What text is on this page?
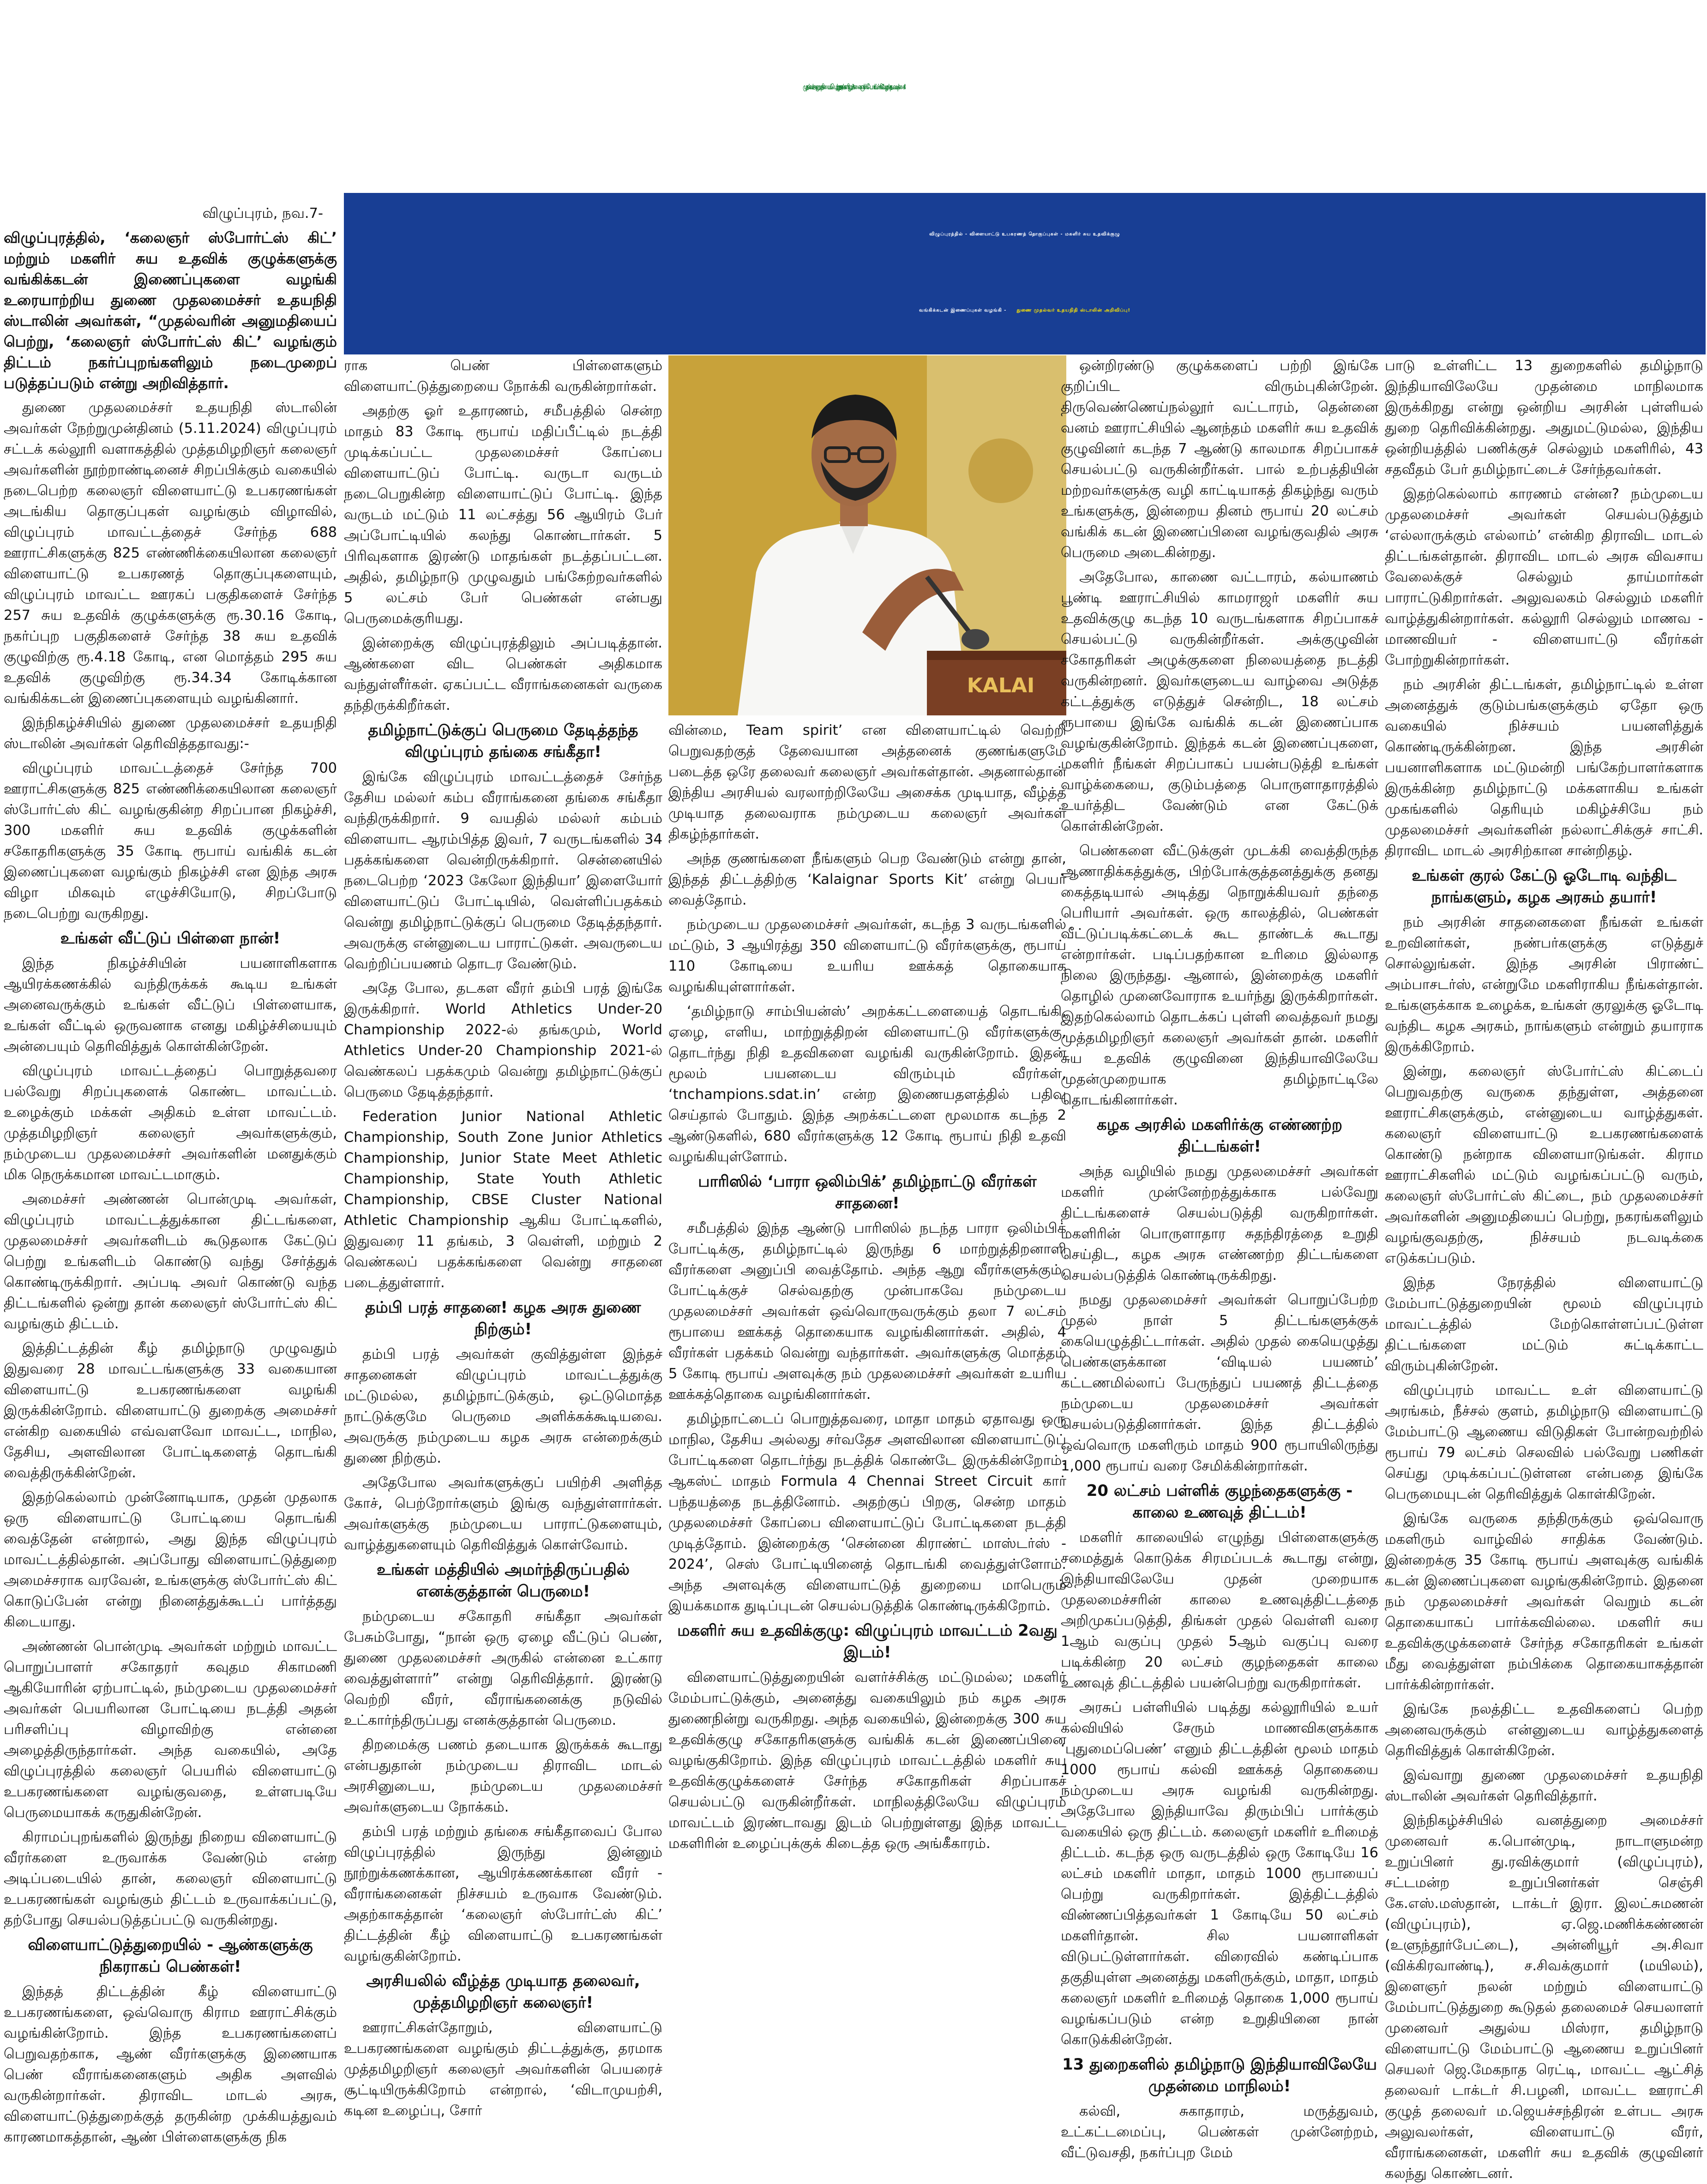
முதல்வர் அனுமதியைப் பெற்று - நகரங்களிலும் ‘கலைஞர் ஸ்போர்ட்ஸ் கிட்’ வழங்க நடவடிக்கை!
விழுப்புரத்தில் - விளையாட்டு உபகரணத் தொகுப்புகள் - மகளிர் சுய உதவிக்குழு
வங்கிக்கடன் இணைப்புகள் வழங்கி - துணை முதல்வர் உதயநிதி ஸ்டாலின் அறிவிப்பு!
KALAI

விழுப்புரம், நவ.7-

விழுப்புரத்தில், ‘கலைஞர் ஸ்போர்ட்ஸ் கிட்’ மற்றும் மகளிர் சுய உதவிக் குழுக்களுக்கு வங்கிக்கடன் இணைப்புகளை வழங்கி உரையாற்றிய துணை முதலமைச்சர் உதயநிதி ஸ்டாலின் அவர்கள், “முதல்வரின் அனுமதியைப் பெற்று, ‘கலைஞர் ஸ்போர்ட்ஸ் கிட்’ வழங்கும் திட்டம் நகர்ப்புறங்களிலும் நடைமுறைப் படுத்தப்படும் என்று அறிவித்தார்.

துணை முதலமைச்சர் உதயநிதி ஸ்டாலின் அவர்கள் நேற்றுமுன்தினம் (5.11.2024) விழுப்புரம் சட்டக் கல்லூரி வளாகத்தில் முத்தமிழறிஞர் கலைஞர் அவர்களின் நூற்றாண்டினைச் சிறப்பிக்கும் வகையில் நடைபெற்ற கலைஞர் விளையாட்டு உபகரணங்கள் அடங்கிய தொகுப்புகள் வழங்கும் விழாவில், விழுப்புரம் மாவட்டத்தைச் சேர்ந்த 688 ஊராட்சிகளுக்கு 825 எண்ணிக்கையிலான கலைஞர் விளையாட்டு உபகரணத் தொகுப்புகளையும், விழுப்புரம் மாவட்ட ஊரகப் பகுதிகளைச் சேர்ந்த 257 சுய உதவிக் குழுக்களுக்கு ரூ.30.16 கோடி, நகர்ப்புற பகுதிகளைச் சேர்ந்த 38 சுய உதவிக் குழுவிற்கு ரூ.4.18 கோடி, என மொத்தம் 295 சுய உதவிக் குழுவிற்கு ரூ.34.34 கோடிக்கான வங்கிக்கடன் இணைப்புகளையும் வழங்கினார்.

இந்நிகழ்ச்சியில் துணை முதலமைச்சர் உதயநிதி ஸ்டாலின் அவர்கள் தெரிவித்ததாவது:-

விழுப்புரம் மாவட்டத்தைச் சேர்ந்த 700 ஊராட்சிகளுக்கு 825 எண்ணிக்கையிலான கலைஞர் ஸ்போர்ட்ஸ் கிட் வழங்குகின்ற சிறப்பான நிகழ்ச்சி, 300 மகளிர் சுய உதவிக் குழுக்களின் சகோதரிகளுக்கு 35 கோடி ரூபாய் வங்கிக் கடன் இணைப்புகளை வழங்கும் நிகழ்ச்சி என இந்த அரசு விழா மிகவும் எழுச்சியோடு, சிறப்போடு நடைபெற்று வருகிறது.

உங்கள் வீட்டுப் பிள்ளை நான்!

இந்த நிகழ்ச்சியின் பயனாளிகளாக ஆயிரக்கணக்கில் வந்திருக்கக் கூடிய உங்கள் அனைவருக்கும் உங்கள் வீட்டுப் பிள்ளையாக, உங்கள் வீட்டில் ஒருவனாக எனது மகிழ்ச்சியையும் அன்பையும் தெரிவித்துக் கொள்கின்றேன்.

விழுப்புரம் மாவட்டத்தைப் பொறுத்தவரை பல்வேறு சிறப்புகளைக் கொண்ட மாவட்டம். உழைக்கும் மக்கள் அதிகம் உள்ள மாவட்டம். முத்தமிழறிஞர் கலைஞர் அவர்களுக்கும், நம்முடைய முதலமைச்சர் அவர்களின் மனதுக்கும் மிக நெருக்கமான மாவட்டமாகும்.

அமைச்சர் அண்ணன் பொன்முடி அவர்கள், விழுப்புரம் மாவட்டத்துக்கான திட்டங்களை, முதலமைச்சர் அவர்களிடம் கூடுதலாக கேட்டுப் பெற்று உங்களிடம் கொண்டு வந்து சேர்த்துக் கொண்டிருக்கிறார். அப்படி அவர் கொண்டு வந்த திட்டங்களில் ஒன்று தான் கலைஞர் ஸ்போர்ட்ஸ் கிட் வழங்கும் திட்டம்.

இத்திட்டத்தின் கீழ் தமிழ்நாடு முழுவதும் இதுவரை 28 மாவட்டங்களுக்கு 33 வகையான விளையாட்டு உபகரணங்களை வழங்கி இருக்கின்றோம். விளையாட்டு துறைக்கு அமைச்சர் என்கிற வகையில் எவ்வளவோ மாவட்ட, மாநில, தேசிய, அளவிலான போட்டிகளைத் தொடங்கி வைத்திருக்கின்றேன்.

இதற்கெல்லாம் முன்னோடியாக, முதன் முதலாக ஒரு விளையாட்டு போட்டியை தொடங்கி வைத்தேன் என்றால், அது இந்த விழுப்புரம் மாவட்டத்தில்தான். அப்போது விளையாட்டுத்துறை அமைச்சராக வரவேன், உங்களுக்கு ஸ்போர்ட்ஸ் கிட் கொடுப்பேன் என்று நினைத்துக்கூடப் பார்த்தது கிடையாது.

அண்ணன் பொன்முடி அவர்கள் மற்றும் மாவட்ட பொறுப்பாளர் சகோதரர் கவுதம சிகாமணி ஆகியோரின் ஏற்பாட்டில், நம்முடைய முதலமைச்சர் அவர்கள் பெயரிலான போட்டியை நடத்தி அதன் பரிசளிப்பு விழாவிற்கு என்னை அழைத்திருந்தார்கள். அந்த வகையில், அதே விழுப்புரத்தில் கலைஞர் பெயரில் விளையாட்டு உபகரணங்களை வழங்குவதை, உள்ளபடியே பெருமையாகக் கருதுகின்றேன்.

கிராமப்புறங்களில் இருந்து நிறைய விளையாட்டு வீரர்களை உருவாக்க வேண்டும் என்ற அடிப்படையில் தான், கலைஞர் விளையாட்டு உபகரணங்கள் வழங்கும் திட்டம் உருவாக்கப்பட்டு, தற்போது செயல்படுத்தப்பட்டு வருகின்றது.

விளையாட்டுத்துறையில் - ஆண்களுக்கு நிகராகப் பெண்கள்!

இந்தத் திட்டத்தின் கீழ் விளையாட்டு உபகரணங்களை, ஒவ்வொரு கிராம ஊராட்சிக்கும் வழங்கின்றோம். இந்த உபகரணங்களைப் பெறுவதற்காக, ஆண் வீரர்களுக்கு இணையாக பெண் வீராங்கனைகளும் அதிக அளவில் வருகின்றார்கள். திராவிட மாடல் அரசு, விளையாட்டுத்துறைக்குத் தருகின்ற முக்கியத்துவம் காரணமாகத்தான், ஆண் பிள்ளைகளுக்கு நிக

ராக பெண் பிள்ளைகளும் விளையாட்டுத்துறையை நோக்கி வருகின்றார்கள்.

அதற்கு ஓர் உதாரணம், சமீபத்தில் சென்ற மாதம் 83 கோடி ரூபாய் மதிப்பீட்டில் நடத்தி முடிக்கப்பட்ட முதலமைச்சர் கோப்பை விளையாட்டுப் போட்டி. வருடா வருடம் நடைபெறுகின்ற விளையாட்டுப் போட்டி. இந்த வருடம் மட்டும் 11 லட்சத்து 56 ஆயிரம் பேர் அப்போட்டியில் கலந்து கொண்டார்கள். 5 பிரிவுகளாக இரண்டு மாதங்கள் நடத்தப்பட்டன. அதில், தமிழ்நாடு முழுவதும் பங்கேற்றவர்களில் 5 லட்சம் பேர் பெண்கள் என்பது பெருமைக்குரியது.

இன்றைக்கு விழுப்புரத்திலும் அப்படித்தான். ஆண்களை விட பெண்கள் அதிகமாக வந்துள்ளீர்கள். ஏகப்பட்ட வீராங்கனைகள் வருகை தந்திருக்கிறீர்கள்.

தமிழ்நாட்டுக்குப் பெருமை தேடித்தந்த விழுப்புரம் தங்கை சங்கீதா!

இங்கே விழுப்புரம் மாவட்டத்தைச் சேர்ந்த தேசிய மல்லர் கம்ப வீராங்கனை தங்கை சங்கீதா வந்திருக்கிறார். 9 வயதில் மல்லர் கம்பம் விளையாட ஆரம்பித்த இவர், 7 வருடங்களில் 34 பதக்கங்களை வென்றிருக்கிறார். சென்னையில் நடைபெற்ற ‘2023 கேலோ இந்தியா’ இளையோர் விளையாட்டுப் போட்டியில், வெள்ளிப்பதக்கம் வென்று தமிழ்நாட்டுக்குப் பெருமை தேடித்தந்தார். அவருக்கு என்னுடைய பாராட்டுகள். அவருடைய வெற்றிப்பயணம் தொடர வேண்டும்.

அதே போல, தடகள வீரர் தம்பி பரத் இங்கே இருக்கிறார். World Athletics Under-20 Championship 2022-ல் தங்கமும், World Athletics Under-20 Championship 2021-ல் வெண்கலப் பதக்கமும் வென்று தமிழ்நாட்டுக்குப் பெருமை தேடித்தந்தார்.

Federation Junior National Athletic Championship, South Zone Junior Athletics Championship, Junior State Meet Athletic Championship, State Youth Athletic Championship, CBSE Cluster National Athletic Championship ஆகிய போட்டிகளில், இதுவரை 11 தங்கம், 3 வெள்ளி, மற்றும் 2 வெண்கலப் பதக்கங்களை வென்று சாதனை படைத்துள்ளார்.

தம்பி பரத் சாதனை! கழக அரசு துணை நிற்கும்!

தம்பி பரத் அவர்கள் குவித்துள்ள இந்தச் சாதனைகள் விழுப்புரம் மாவட்டத்துக்கு மட்டுமல்ல, தமிழ்நாட்டுக்கும், ஒட்டுமொத்த நாட்டுக்குமே பெருமை அளிக்கக்கூடியவை. அவருக்கு நம்முடைய கழக அரசு என்றைக்கும் துணை நிற்கும்.

அதேபோல அவர்களுக்குப் பயிற்சி அளித்த கோச், பெற்றோர்களும் இங்கு வந்துள்ளார்கள். அவர்களுக்கு நம்முடைய பாராட்டுகளையும், வாழ்த்துகளையும் தெரிவித்துக் கொள்வோம்.

உங்கள் மத்தியில் அமர்ந்திருப்பதில் எனக்குத்தான் பெருமை!

நம்முடைய சகோதரி சங்கீதா அவர்கள் பேசும்போது, “நான் ஒரு ஏழை வீட்டுப் பெண், துணை முதலமைச்சர் அருகில் என்னை உட்கார வைத்துள்ளார்” என்று தெரிவித்தார். இரண்டு வெற்றி வீரர், வீராங்கனைக்கு நடுவில் உட்கார்ந்திருப்பது எனக்குத்தான் பெருமை.

திறமைக்கு பணம் தடையாக இருக்கக் கூடாது என்பதுதான் நம்முடைய திராவிட மாடல் அரசினுடைய, நம்முடைய முதலமைச்சர் அவர்களுடைய நோக்கம்.

தம்பி பரத் மற்றும் தங்கை சங்கீதாவைப் போல விழுப்புரத்தில் இருந்து இன்னும் நூற்றுக்கணக்கான, ஆயிரக்கணக்கான வீரர் - வீராங்கனைகள் நிச்சயம் உருவாக வேண்டும். அதற்காகத்தான் ‘கலைஞர் ஸ்போர்ட்ஸ் கிட்’ திட்டத்தின் கீழ் விளையாட்டு உபகரணங்கள் வழங்குகின்றோம்.

அரசியலில் வீழ்த்த முடியாத தலைவர், முத்தமிழறிஞர் கலைஞர்!

ஊராட்சிகள்தோறும், விளையாட்டு உபகரணங்களை வழங்கும் திட்டத்துக்கு, தரமாக முத்தமிழறிஞர் கலைஞர் அவர்களின் பெயரைச் சூட்டியிருக்கிறோம் என்றால், ‘விடாமுயற்சி, கடின உழைப்பு, சோர்

வின்மை, Team spirit’ என விளையாட்டில் வெற்றி பெறுவதற்குத் தேவையான அத்தனைக் குணங்களுமே படைத்த ஒரே தலைவர் கலைஞர் அவர்கள்தான். அதனால்தான் இந்திய அரசியல் வரலாற்றிலேயே அசைக்க முடியாத, வீழ்த்த முடியாத தலைவராக நம்முடைய கலைஞர் அவர்கள் திகழ்ந்தார்கள்.

அந்த குணங்களை நீங்களும் பெற வேண்டும் என்று தான், இந்தத் திட்டத்திற்கு ‘Kalaignar Sports Kit’ என்று பெயர் வைத்தோம்.

நம்முடைய முதலமைச்சர் அவர்கள், கடந்த 3 வருடங்களில் மட்டும், 3 ஆயிரத்து 350 விளையாட்டு வீரர்களுக்கு, ரூபாய் 110 கோடியை உயரிய ஊக்கத் தொகையாக வழங்கியுள்ளார்கள்.

‘தமிழ்நாடு சாம்பியன்ஸ்’ அறக்கட்டளையைத் தொடங்கி, ஏழை, எளிய, மாற்றுத்திறன் விளையாட்டு வீரர்களுக்கு, தொடர்ந்து நிதி உதவிகளை வழங்கி வருகின்றோம். இதன் மூலம் பயனடைய விரும்பும் வீரர்கள், ‘tnchampions.sdat.in’ என்ற இணையதளத்தில் பதிவு செய்தால் போதும். இந்த அறக்கட்டளை மூலமாக கடந்த 2 ஆண்டுகளில், 680 வீரர்களுக்கு 12 கோடி ரூபாய் நிதி உதவி வழங்கியுள்ளோம்.

பாரிஸில் ‘பாரா ஒலிம்பிக்’ தமிழ்நாட்டு வீரர்கள் சாதனை!

சமீபத்தில் இந்த ஆண்டு பாரிஸில் நடந்த பாரா ஒலிம்பிக் போட்டிக்கு, தமிழ்நாட்டில் இருந்து 6 மாற்றுத்திறனாளி வீரர்களை அனுப்பி வைத்தோம். அந்த ஆறு வீரர்களுக்கும், போட்டிக்குச் செல்வதற்கு முன்பாகவே நம்முடைய முதலமைச்சர் அவர்கள் ஒவ்வொருவருக்கும் தலா 7 லட்சம் ரூபாயை ஊக்கத் தொகையாக வழங்கினார்கள். அதில், 4 வீரர்கள் பதக்கம் வென்று வந்தார்கள். அவர்களுக்கு மொத்தம் 5 கோடி ரூபாய் அளவுக்கு நம் முதலமைச்சர் அவர்கள் உயரிய ஊக்கத்தொகை வழங்கினார்கள்.

தமிழ்நாட்டைப் பொறுத்தவரை, மாதா மாதம் ஏதாவது ஒரு மாநில, தேசிய அல்லது சர்வதேச அளவிலான விளையாட்டுப் போட்டிகளை தொடர்ந்து நடத்திக் கொண்டே இருக்கின்றோம். ஆகஸ்ட் மாதம் Formula 4 Chennai Street Circuit கார் பந்தயத்தை நடத்தினோம். அதற்குப் பிறகு, சென்ற மாதம் முதலமைச்சர் கோப்பை விளையாட்டுப் போட்டிகளை நடத்தி முடித்தோம். இன்றைக்கு ‘சென்னை கிராண்ட் மாஸ்டர்ஸ் - 2024’, செஸ் போட்டியினைத் தொடங்கி வைத்துள்ளோம். அந்த அளவுக்கு விளையாட்டுத் துறையை மாபெரும் இயக்கமாக துடிப்புடன் செயல்படுத்திக் கொண்டிருக்கிறோம்.

மகளிர் சுய உதவிக்குழு: விழுப்புரம் மாவட்டம் 2வது இடம்!

விளையாட்டுத்துறையின் வளர்ச்சிக்கு மட்டுமல்ல; மகளிர் மேம்பாட்டுக்கும், அனைத்து வகையிலும் நம் கழக அரசு துணைநின்று வருகிறது. அந்த வகையில், இன்றைக்கு 300 சுய உதவிக்குழு சகோதரிகளுக்கு வங்கிக் கடன் இணைப்பினை வழங்குகிறோம். இந்த விழுப்புரம் மாவட்டத்தில் மகளிர் சுய உதவிக்குழுக்களைச் சேர்ந்த சகோதரிகள் சிறப்பாகச் செயல்பட்டு வருகின்றீர்கள். மாநிலத்திலேயே விழுப்புரம் மாவட்டம் இரண்டாவது இடம் பெற்றுள்ளது இந்த மாவட்ட மகளிரின் உழைப்புக்குக் கிடைத்த ஒரு அங்கீகாரம்.

ஒன்றிரண்டு குழுக்களைப் பற்றி இங்கே குறிப்பிட விரும்புகின்றேன். திருவெண்ணெய்நல்லூர் வட்டாரம், தென்னை வனம் ஊராட்சியில் ஆனந்தம் மகளிர் சுய உதவிக் குழுவினர் கடந்த 7 ஆண்டு காலமாக சிறப்பாகச் செயல்பட்டு வருகின்றீர்கள். பால் உற்பத்தியின் மற்றவர்களுக்கு வழி காட்டியாகத் திகழ்ந்து வரும் உங்களுக்கு, இன்றைய தினம் ரூபாய் 20 லட்சம் வங்கிக் கடன் இணைப்பினை வழங்குவதில் அரசு பெருமை அடைகின்றது.

அதேபோல, காணை வட்டாரம், கல்யாணம் பூண்டி ஊராட்சியில் காமராஜர் மகளிர் சுய உதவிக்குழு கடந்த 10 வருடங்களாக சிறப்பாகச் செயல்பட்டு வருகின்றீர்கள். அக்குழுவின் சகோதரிகள் அழுக்குகளை நிலையத்தை நடத்தி வருகின்றனர். இவர்களுடைய வாழ்வை அடுத்த கட்டத்துக்கு எடுத்துச் சென்றிட, 18 லட்சம் ரூபாயை இங்கே வங்கிக் கடன் இணைப்பாக வழங்குகின்றோம். இந்தக் கடன் இணைப்புகளை, மகளிர் நீங்கள் சிறப்பாகப் பயன்படுத்தி உங்கள் வாழ்க்கையை, குடும்பத்தை பொருளாதாரத்தில் உயர்த்திட வேண்டும் என கேட்டுக் கொள்கின்றேன்.

பெண்களை வீட்டுக்குள் முடக்கி வைத்திருந்த ஆணாதிக்கத்துக்கு, பிற்போக்குத்தனத்துக்கு தனது கைத்தடியால் அடித்து நொறுக்கியவர் தந்தை பெரியார் அவர்கள். ஒரு காலத்தில், பெண்கள் வீட்டுப்படிக்கட்டைக் கூட தாண்டக் கூடாது என்றார்கள். படிப்பதற்கான உரிமை இல்லாத நிலை இருந்தது. ஆனால், இன்றைக்கு மகளிர் தொழில் முனைவோராக உயர்ந்து இருக்கிறார்கள். இதற்கெல்லாம் தொடக்கப் புள்ளி வைத்தவர் நமது முத்தமிழறிஞர் கலைஞர் அவர்கள் தான். மகளிர் சுய உதவிக் குழுவினை இந்தியாவிலேயே முதன்முறையாக தமிழ்நாட்டிலே தொடங்கினார்கள்.

கழக அரசில் மகளிர்க்கு எண்ணற்ற திட்டங்கள்!

அந்த வழியில் நமது முதலமைச்சர் அவர்கள் மகளிர் முன்னேற்றத்துக்காக பல்வேறு திட்டங்களைச் செயல்படுத்தி வருகிறார்கள். மகளிரின் பொருளாதார சுதந்திரத்தை உறுதி செய்திட, கழக அரசு எண்ணற்ற திட்டங்களை செயல்படுத்திக் கொண்டிருக்கிறது.

நமது முதலமைச்சர் அவர்கள் பொறுப்பேற்ற முதல் நாள் 5 திட்டங்களுக்குக் கையெழுத்திட்டார்கள். அதில் முதல் கையெழுத்து பெண்களுக்கான ‘விடியல் பயணம்’ கட்டணமில்லாப் பேருந்துப் பயணத் திட்டத்தை நம்முடைய முதலமைச்சர் அவர்கள் செயல்படுத்தினார்கள். இந்த திட்டத்தில் ஒவ்வொரு மகளிரும் மாதம் 900 ரூபாயிலிருந்து 1,000 ரூபாய் வரை சேமிக்கின்றார்கள்.

20 லட்சம் பள்ளிக் குழந்தைகளுக்கு - காலை உணவுத் திட்டம்!

மகளிர் காலையில் எழுந்து பிள்ளைகளுக்கு சமைத்துக் கொடுக்க சிரமப்படக் கூடாது என்று, இந்தியாவிலேயே முதன் முறையாக முதலமைச்சரின் காலை உணவுத்திட்டத்தை அறிமுகப்படுத்தி, திங்கள் முதல் வெள்ளி வரை 1ஆம் வகுப்பு முதல் 5ஆம் வகுப்பு வரை படிக்கின்ற 20 லட்சம் குழந்தைகள் காலை உணவுத் திட்டத்தில் பயன்பெற்று வருகிறார்கள்.

அரசுப் பள்ளியில் படித்து கல்லூரியில் உயர் கல்வியில் சேரும் மாணவிகளுக்காக ‘புதுமைப்பெண்’ எனும் திட்டத்தின் மூலம் மாதம் 1000 ரூபாய் கல்வி ஊக்கத் தொகையை நம்முடைய அரசு வழங்கி வருகின்றது. அதேபோல இந்தியாவே திரும்பிப் பார்க்கும் வகையில் ஒரு திட்டம். கலைஞர் மகளிர் உரிமைத் திட்டம். கடந்த ஒரு வருடத்தில் ஒரு கோடியே 16 லட்சம் மகளிர் மாதா, மாதம் 1000 ரூபாயைப் பெற்று வருகிறார்கள். இத்திட்டத்தில் விண்ணப்பித்தவர்கள் 1 கோடியே 50 லட்சம் மகளிர்தான். சில பயனாளிகள் விடுபட்டுள்ளார்கள். விரைவில் கண்டிப்பாக தகுதியுள்ள அனைத்து மகளிருக்கும், மாதா, மாதம் கலைஞர் மகளிர் உரிமைத் தொகை 1,000 ரூபாய் வழங்கப்படும் என்ற உறுதியினை நான் கொடுக்கின்றேன்.

13 துறைகளில் தமிழ்நாடு இந்தியாவிலேயே முதன்மை மாநிலம்!

கல்வி, சுகாதாரம், மருத்துவம், உட்கட்டமைப்பு, பெண்கள் முன்னேற்றம், வீட்டுவசதி, நகர்ப்புற மேம்

பாடு உள்ளிட்ட 13 துறைகளில் தமிழ்நாடு இந்தியாவிலேயே முதன்மை மாநிலமாக இருக்கிறது என்று ஒன்றிய அரசின் புள்ளியல் துறை தெரிவிக்கின்றது. அதுமட்டுமல்ல, இந்திய ஒன்றியத்தில் பணிக்குச் செல்லும் மகளிரில், 43 சதவீதம் பேர் தமிழ்நாட்டைச் சேர்ந்தவர்கள்.

இதற்கெல்லாம் காரணம் என்ன? நம்முடைய முதலமைச்சர் அவர்கள் செயல்படுத்தும் ‘எல்லாருக்கும் எல்லாம்’ என்கிற திராவிட மாடல் திட்டங்கள்தான். திராவிட மாடல் அரசு விவசாய வேலைக்குச் செல்லும் தாய்மார்கள் பாராட்டுகிறார்கள். அலுவலகம் செல்லும் மகளிர் வாழ்த்துகின்றார்கள். கல்லூரி செல்லும் மாணவ - மாணவியர் - விளையாட்டு வீரர்கள் போற்றுகின்றார்கள்.

நம் அரசின் திட்டங்கள், தமிழ்நாட்டில் உள்ள அனைத்துக் குடும்பங்களுக்கும் ஏதோ ஒரு வகையில் நிச்சயம் பயனளித்துக் கொண்டிருக்கின்றன. இந்த அரசின் பயனாளிகளாக மட்டுமன்றி பங்கேற்பாளர்களாக இருக்கின்ற தமிழ்நாட்டு மக்களாகிய உங்கள் முகங்களில் தெரியும் மகிழ்ச்சியே நம் முதலமைச்சர் அவர்களின் நல்லாட்சிக்குச் சாட்சி. திராவிட மாடல் அரசிற்கான சான்றிதழ்.

உங்கள் குரல் கேட்டு ஓடோடி வந்திட நாங்களும், கழக அரசும் தயார்!

நம் அரசின் சாதனைகளை நீங்கள் உங்கள் உறவினர்கள், நண்பர்களுக்கு எடுத்துச் சொல்லுங்கள். இந்த அரசின் பிராண்ட் அம்பாசடர்ஸ், என்றுமே மகளிராகிய நீங்கள்தான். உங்களுக்காக உழைக்க, உங்கள் குரலுக்கு ஓடோடி வந்திட கழக அரசும், நாங்களும் என்றும் தயாராக இருக்கிறோம்.

இன்று, கலைஞர் ஸ்போர்ட்ஸ் கிட்டைப் பெறுவதற்கு வருகை தந்துள்ள, அத்தனை ஊராட்சிகளுக்கும், என்னுடைய வாழ்த்துகள். கலைஞர் விளையாட்டு உபகரணங்களைக் கொண்டு நன்றாக விளையாடுங்கள். கிராம ஊராட்சிகளில் மட்டும் வழங்கப்பட்டு வரும், கலைஞர் ஸ்போர்ட்ஸ் கிட்டை, நம் முதலமைச்சர் அவர்களின் அனுமதியைப் பெற்று, நகரங்களிலும் வழங்குவதற்கு, நிச்சயம் நடவடிக்கை எடுக்கப்படும்.

இந்த நேரத்தில் விளையாட்டு மேம்பாட்டுத்துறையின் மூலம் விழுப்புரம் மாவட்டத்தில் மேற்கொள்ளப்பட்டுள்ள திட்டங்களை மட்டும் சுட்டிக்காட்ட விரும்புகின்றேன்.

விழுப்புரம் மாவட்ட உள் விளையாட்டு அரங்கம், நீச்சல் குளம், தமிழ்நாடு விளையாட்டு மேம்பாட்டு ஆணைய விடுதிகள் போன்றவற்றில் ரூபாய் 79 லட்சம் செலவில் பல்வேறு பணிகள் செய்து முடிக்கப்பட்டுள்ளன என்பதை இங்கே பெருமையுடன் தெரிவித்துக் கொள்கிறேன்.

இங்கே வருகை தந்திருக்கும் ஒவ்வொரு மகளிரும் வாழ்வில் சாதிக்க வேண்டும். இன்றைக்கு 35 கோடி ரூபாய் அளவுக்கு வங்கிக் கடன் இணைப்புகளை வழங்குகின்றோம். இதனை நம் முதலமைச்சர் அவர்கள் வெறும் கடன் தொகையாகப் பார்க்கவில்லை. மகளிர் சுய உதவிக்குழுக்களைச் சேர்ந்த சகோதரிகள் உங்கள் மீது வைத்துள்ள நம்பிக்கை தொகையாகத்தான் பார்க்கின்றார்கள்.

இங்கே நலத்திட்ட உதவிகளைப் பெற்ற அனைவருக்கும் என்னுடைய வாழ்த்துகளைத் தெரிவித்துக் கொள்கிறேன்.

இவ்வாறு துணை முதலமைச்சர் உதயநிதி ஸ்டாலின் அவர்கள் தெரிவித்தார்.

இந்நிகழ்ச்சியில் வனத்துறை அமைச்சர் முனைவர் க.பொன்முடி, நாடாளுமன்ற உறுப்பினர் து.ரவிக்குமார் (விழுப்புரம்), சட்டமன்ற உறுப்பினர்கள் செஞ்சி கே.எஸ்.மஸ்தான், டாக்டர் இரா. இலட்சுமணன் (விழுப்புரம்), ஏ.ஜெ.மணிக்கண்ணன் (உளுந்தூர்பேட்டை), அன்னியூர் அ.சிவா (விக்கிரவாண்டி), ச.சிவக்குமார் (மயிலம்), இளைஞர் நலன் மற்றும் விளையாட்டு மேம்பாட்டுத்துறை கூடுதல் தலைமைச் செயலாளர் முனைவர் அதுல்ய மிஸ்ரா, தமிழ்நாடு விளையாட்டு மேம்பாட்டு ஆணைய உறுப்பினர் செயலர் ஜெ.மேகநாத ரெட்டி, மாவட்ட ஆட்சித் தலைவர் டாக்டர் சி.பழனி, மாவட்ட ஊராட்சி குழுத் தலைவர் ம.ஜெயச்சந்திரன் உள்பட அரசு அலுவலர்கள், விளையாட்டு வீரர், வீராங்கனைகள், மகளிர் சுய உதவிக் குழுவினர் கலந்து கொண்டனர்.
